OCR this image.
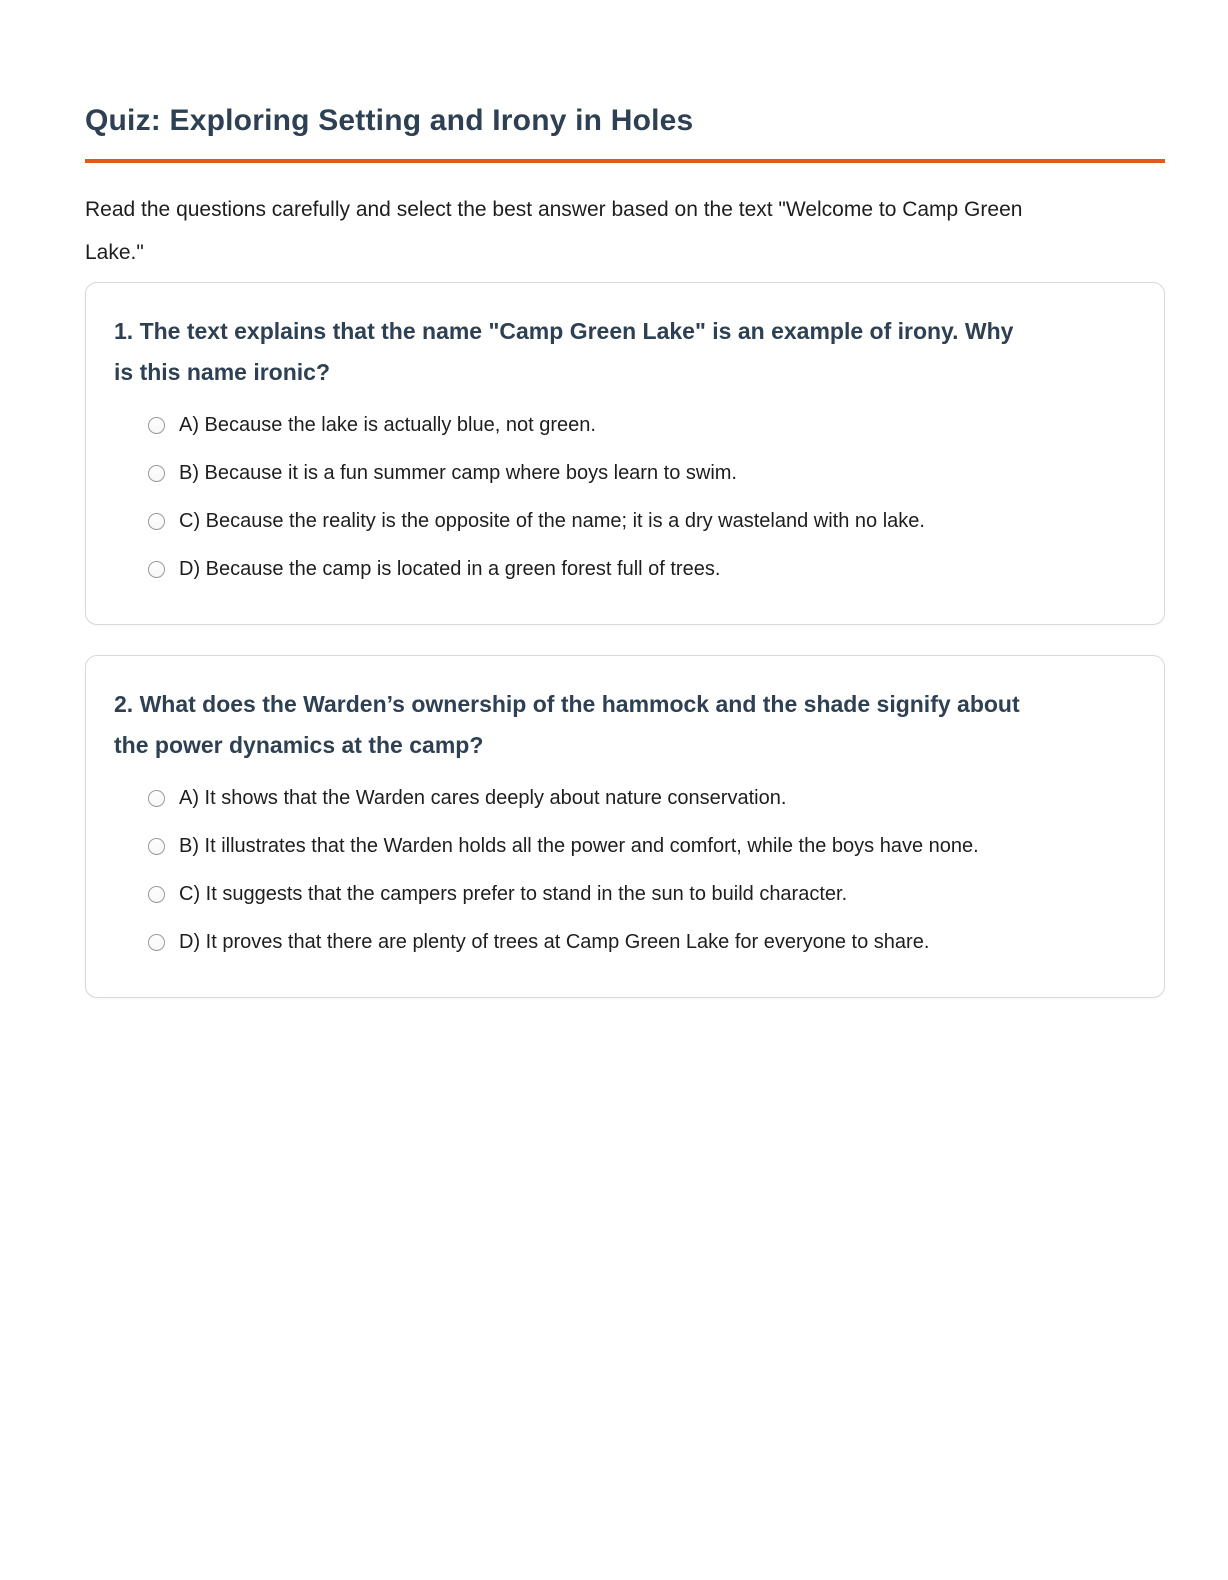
Quiz: Exploring Setting and Irony in Holes

Read the questions carefully and select the best answer based on the text "Welcome to Camp Green
Lake."

1. The text explains that the name "Camp Green Lake" is an example of irony. Why
is this name ironic?
A) Because the lake is actually blue, not green.
B) Because it is a fun summer camp where boys learn to swim.
C) Because the reality is the opposite of the name; it is a dry wasteland with no lake.
D) Because the camp is located in a green forest full of trees.
2. What does the Warden’s ownership of the hammock and the shade signify about
the power dynamics at the camp?
A) It shows that the Warden cares deeply about nature conservation.
B) It illustrates that the Warden holds all the power and comfort, while the boys have none.
C) It suggests that the campers prefer to stand in the sun to build character.
D) It proves that there are plenty of trees at Camp Green Lake for everyone to share.
